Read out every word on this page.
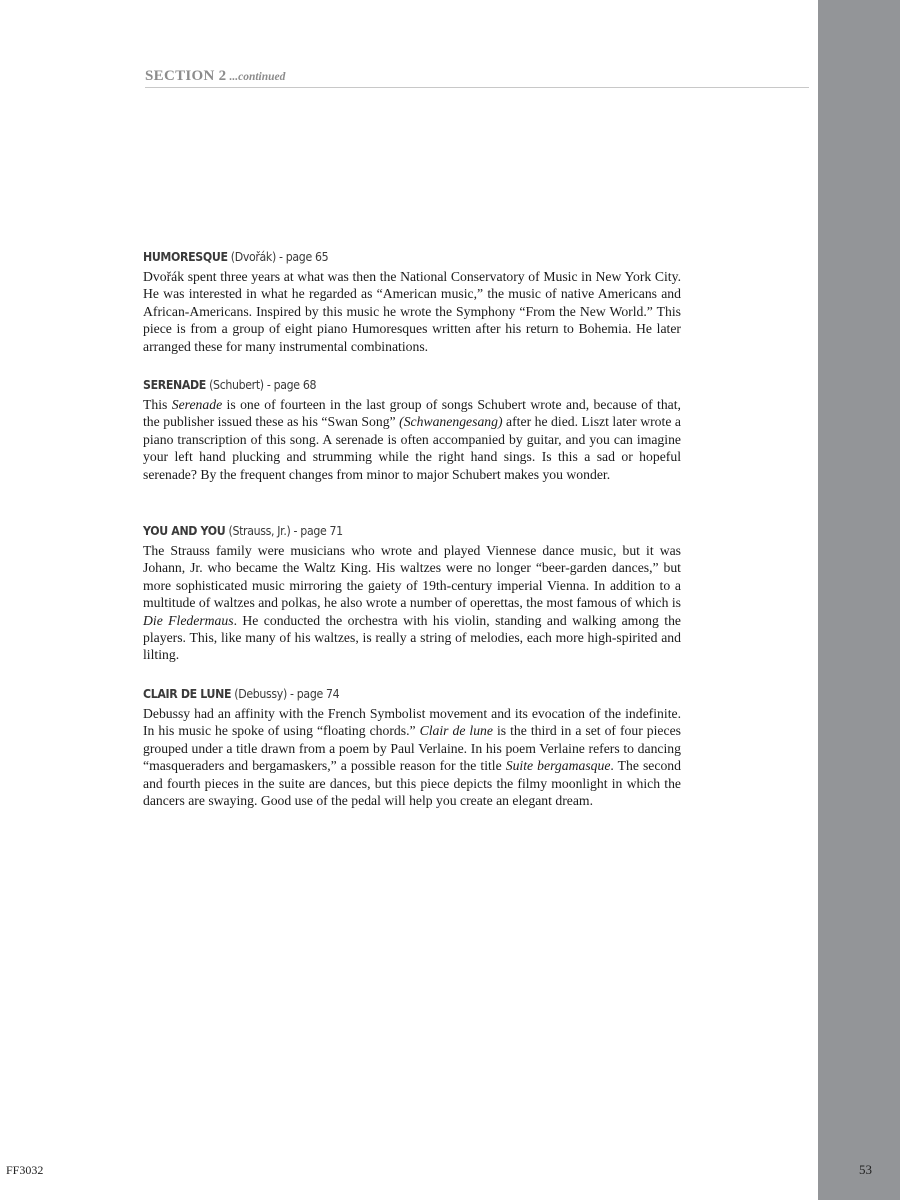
SECTION 2 ...continued
HUMORESQUE (Dvořák) - page 65

Dvořák spent three years at what was then the National Conservatory of Music in New York City. He was interested in what he regarded as “American music,” the music of native Americans and African-Americans. Inspired by this music he wrote the Symphony “From the New World.” This piece is from a group of eight piano Humoresques written after his return to Bohemia. He later arranged these for many instrumental combinations.

SERENADE (Schubert) - page 68

This Serenade is one of fourteen in the last group of songs Schubert wrote and, because of that, the publisher issued these as his “Swan Song” (Schwanengesang) after he died. Liszt later wrote a piano transcription of this song. A serenade is often accompanied by guitar, and you can imagine your left hand plucking and strumming while the right hand sings. Is this a sad or hopeful serenade? By the frequent changes from minor to major Schubert makes you wonder.

YOU AND YOU (Strauss, Jr.) - page 71

The Strauss family were musicians who wrote and played Viennese dance music, but it was Johann, Jr. who became the Waltz King. His waltzes were no longer “beer-garden dances,” but more sophisticated music mirroring the gaiety of 19th-century imperial Vienna. In addition to a multitude of waltzes and polkas, he also wrote a number of operettas, the most famous of which is Die Fledermaus. He conducted the orchestra with his violin, standing and walking among the players. This, like many of his waltzes, is really a string of melodies, each more high-spirited and lilting.

CLAIR DE LUNE (Debussy) - page 74

Debussy had an affinity with the French Symbolist movement and its evocation of the indefinite. In his music he spoke of using “floating chords.” Clair de lune is the third in a set of four pieces grouped under a title drawn from a poem by Paul Verlaine. In his poem Verlaine refers to dancing “masqueraders and bergamaskers,” a possible reason for the title Suite bergamasque. The second and fourth pieces in the suite are dances, but this piece depicts the filmy moonlight in which the dancers are swaying. Good use of the pedal will help you create an elegant dream.

FF3032	53
